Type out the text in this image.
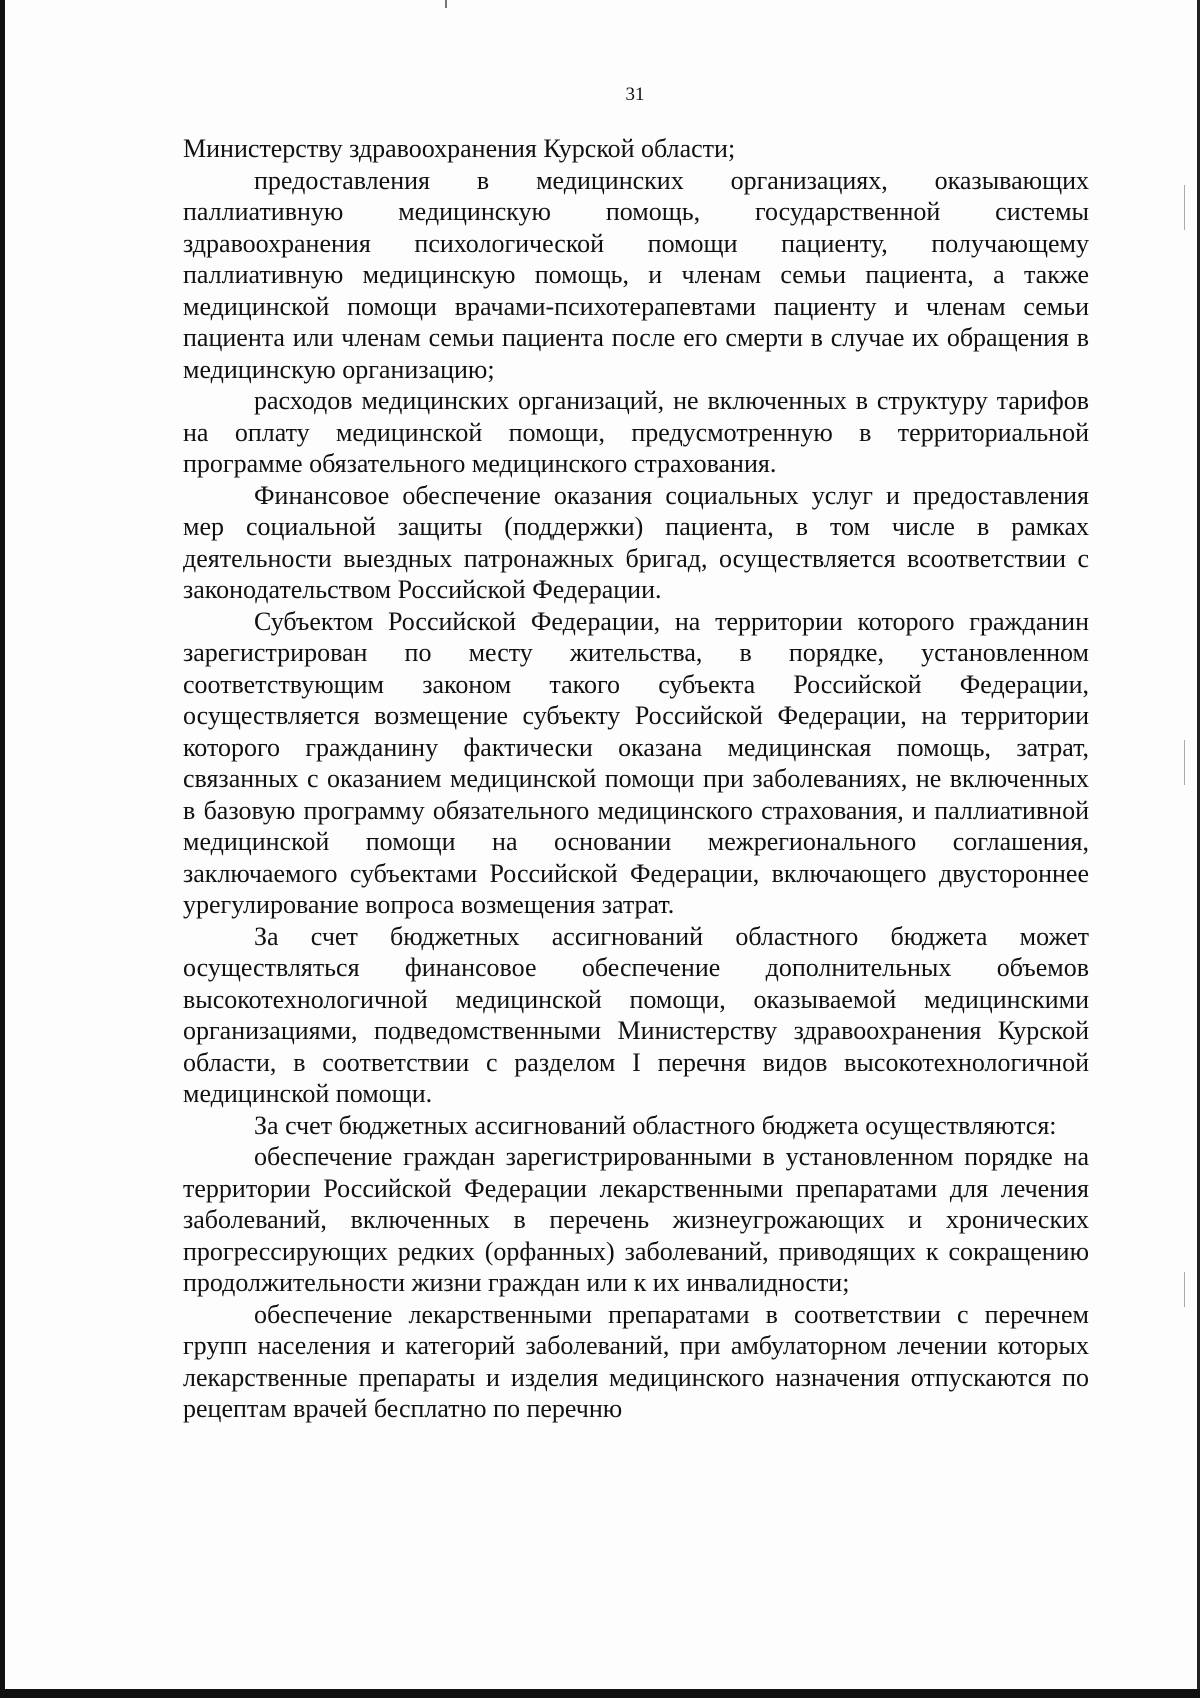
31

Министерству здравоохранения Курской области;

предоставления в медицинских организациях, оказывающих паллиативную медицинскую помощь, государственной системы здравоохранения психологической помощи пациенту, получающему паллиативную медицинскую помощь, и членам семьи пациента, а также медицинской помощи врачами-психотерапевтами пациенту и членам семьи пациента или членам семьи пациента после его смерти в случае их обращения в медицинскую организацию;

расходов медицинских организаций, не включенных в структуру тарифов на оплату медицинской помощи, предусмотренную в территориальной программе обязательного медицинского страхования.

Финансовое обеспечение оказания социальных услуг и предоставления мер социальной защиты (поддержки) пациента, в том числе в рамках деятельности выездных патронажных бригад, осуществляется всоответствии с законодательством Российской Федерации.

Субъектом Российской Федерации, на территории которого гражданин зарегистрирован по месту жительства, в порядке, установленном соответствующим законом такого субъекта Российской Федерации, осуществляется возмещение субъекту Российской Федерации, на территории которого гражданину фактически оказана медицинская помощь, затрат, связанных с оказанием медицинской помощи при заболеваниях, не включенных в базовую программу обязательного медицинского страхования, и паллиативной медицинской помощи на основании межрегионального соглашения, заключаемого субъектами Российской Федерации, включающего двустороннее урегулирование вопроса возмещения затрат.

За счет бюджетных ассигнований областного бюджета может осуществляться финансовое обеспечение дополнительных объемов высокотехнологичной медицинской помощи, оказываемой медицинскими организациями, подведомственными Министерству здравоохранения Курской области, в соответствии с разделом I перечня видов высокотехнологичной медицинской помощи.

За счет бюджетных ассигнований областного бюджета осуществляются:

обеспечение граждан зарегистрированными в установленном порядке на территории Российской Федерации лекарственными препаратами для лечения заболеваний, включенных в перечень жизнеугрожающих и хронических прогрессирующих редких (орфанных) заболеваний, приводящих к сокращению продолжительности жизни граждан или к их инвалидности;

обеспечение лекарственными препаратами в соответствии с перечнем групп населения и категорий заболеваний, при амбулаторном лечении которых лекарственные препараты и изделия медицинского назначения отпускаются по рецептам врачей бесплатно по перечню
